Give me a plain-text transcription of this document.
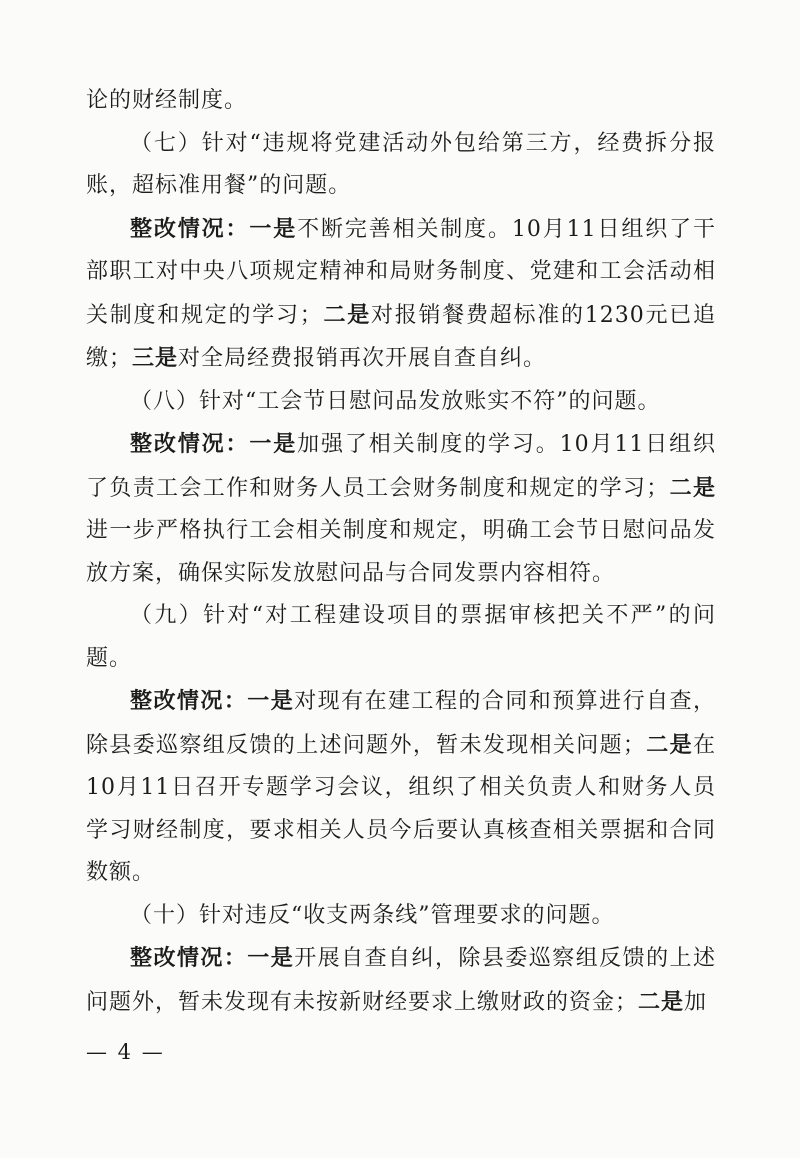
论的财经制度。

（七）针对“违规将党建活动外包给第三方，经费拆分报账，超标准用餐”的问题。

整改情况：一是不断完善相关制度。10月11日组织了干部职工对中央八项规定精神和局财务制度、党建和工会活动相关制度和规定的学习；二是对报销餐费超标准的1230元已追缴；三是对全局经费报销再次开展自查自纠。

（八）针对“工会节日慰问品发放账实不符”的问题。

整改情况：一是加强了相关制度的学习。10月11日组织了负责工会工作和财务人员工会财务制度和规定的学习；二是进一步严格执行工会相关制度和规定，明确工会节日慰问品发放方案，确保实际发放慰问品与合同发票内容相符。

（九）针对“对工程建设项目的票据审核把关不严”的问题。

整改情况：一是对现有在建工程的合同和预算进行自查，除县委巡察组反馈的上述问题外，暂未发现相关问题；二是在10月11日召开专题学习会议，组织了相关负责人和财务人员学习财经制度，要求相关人员今后要认真核查相关票据和合同数额。

（十）针对违反“收支两条线”管理要求的问题。

整改情况：一是开展自查自纠，除县委巡察组反馈的上述问题外，暂未发现有未按新财经要求上缴财政的资金；二是加

— 4 —
